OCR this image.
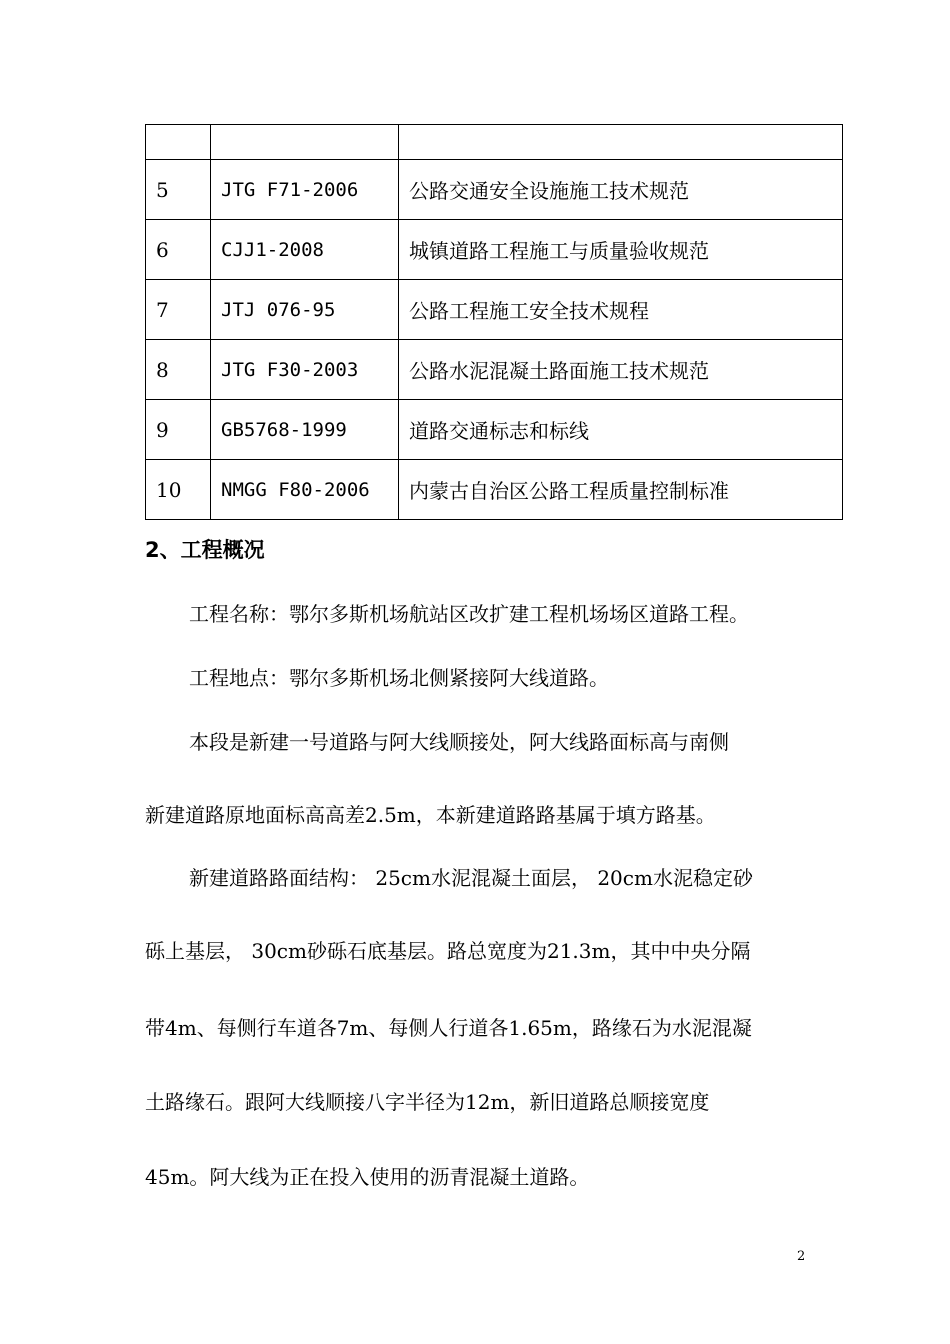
5	JTG F71-2006	公路交通安全设施施工技术规范
6	CJJ1-2008	城镇道路工程施工与质量验收规范
7	JTJ 076-95	公路工程施工安全技术规程
8	JTG F30-2003	公路水泥混凝土路面施工技术规范
9	GB5768-1999	道路交通标志和标线
10	NMGG F80-2006	内蒙古自治区公路工程质量控制标准
2、工程概况
工程名称：鄂尔多斯机场航站区改扩建工程机场场区道路工程。
工程地点：鄂尔多斯机场北侧紧接阿大线道路。
本段是新建一号道路与阿大线顺接处，阿大线路面标高与南侧
新建道路原地面标高高差2.5m，本新建道路路基属于填方路基。
新建道路路面结构： 25cm水泥混凝土面层， 20cm水泥稳定砂
砾上基层， 30cm砂砾石底基层。路总宽度为21.3m，其中中央分隔
带4m、每侧行车道各7m、每侧人行道各1.65m，路缘石为水泥混凝
土路缘石。跟阿大线顺接八字半径为12m，新旧道路总顺接宽度
45m。阿大线为正在投入使用的沥青混凝土道路。
2
